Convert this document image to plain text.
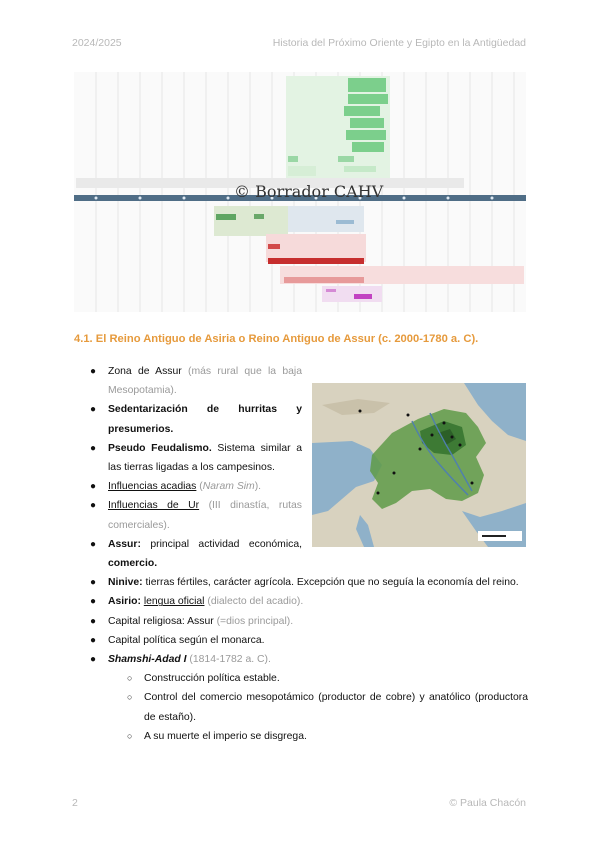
2024/2025	Historia del Próximo Oriente y Egipto en la Antigüedad
© Borrador CAHV
4.1. El Reino Antiguo de Asiria o Reino Antiguo de Assur (c. 2000-1780 a. C).
● Zona de Assur (más rural que la baja Mesopotamia).
● Sedentarización de hurritas y presumerios.
● Pseudo Feudalismo. Sistema similar a las tierras ligadas a los campesinos.
● Influencias acadias (Naram Sim).
● Influencias de Ur (III dinastía, rutas comerciales).
● Assur: principal actividad económica, comercio.
● Ninive: tierras fértiles, carácter agrícola. Excepción que no seguía la economía del reino.
● Asirio: lengua oficial (dialecto del acadio).
● Capital religiosa: Assur (=dios principal).
● Capital política según el monarca.
● Shamshi-Adad I (1814-1782 a. C).
○ Construcción política estable.
○ Control del comercio mesopotámico (productor de cobre) y anatólico (productora de estaño).
○ A su muerte el imperio se disgrega.
2	© Paula Chacón
